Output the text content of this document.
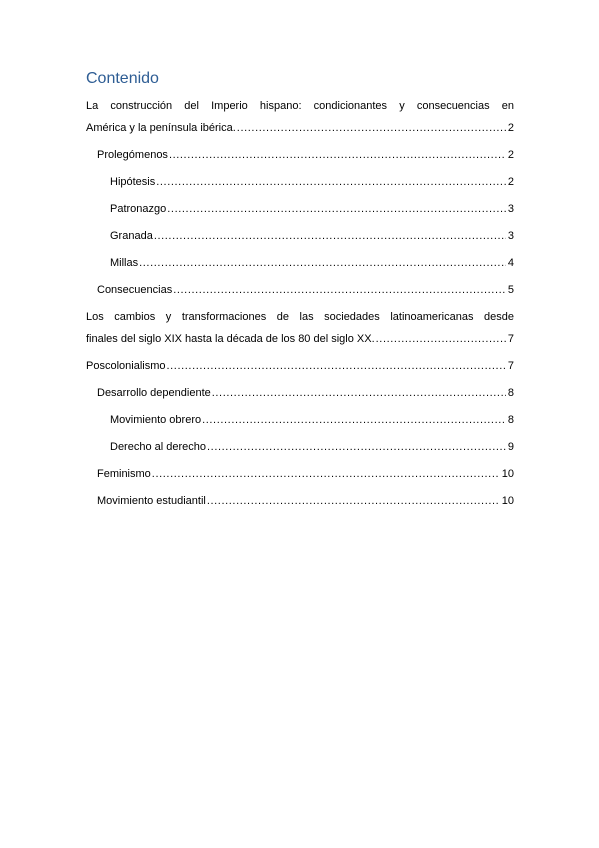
Contenido
La construcción del Imperio hispano: condicionantes y consecuencias en
América y la península ibérica. .....	2
Prolegómenos .....	2
Hipótesis .....	2
Patronazgo .....	3
Granada .....	3
Millas .....	4
Consecuencias .....	5
Los cambios y transformaciones de las sociedades latinoamericanas desde
finales del siglo XIX hasta la década de los 80 del siglo XX. .....	7
Poscolonialismo .....	7
Desarrollo dependiente .....	8
Movimiento obrero .....	8
Derecho al derecho .....	9
Feminismo .....	10
Movimiento estudiantil .....	10
